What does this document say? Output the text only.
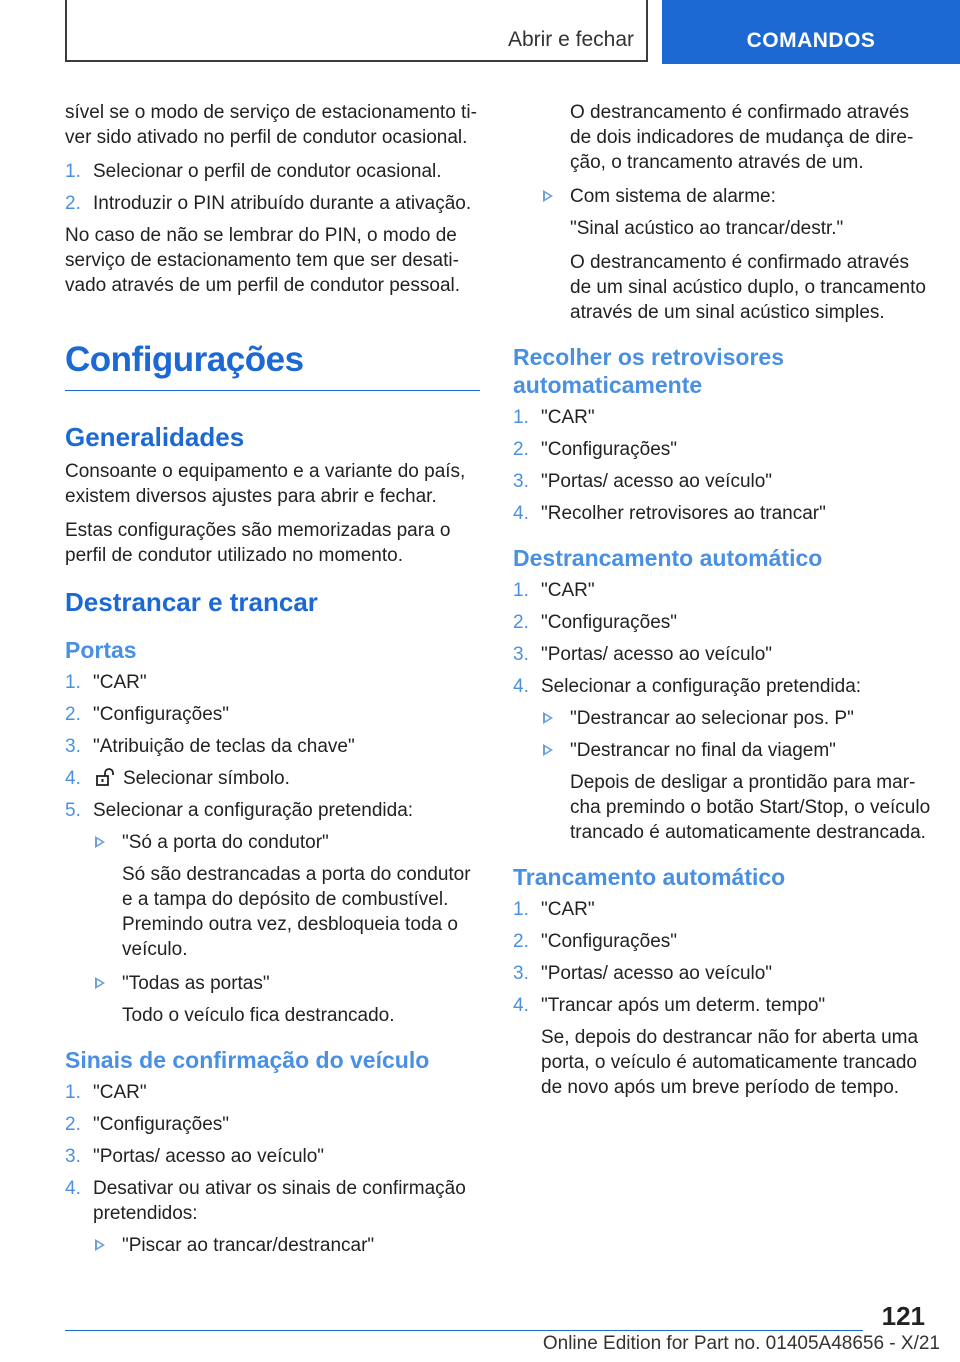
Abrir e fechar	COMANDOS

sível se o modo de serviço de estacionamento tiver sido ativado no perfil de condutor ocasional.

1. Selecionar o perfil de condutor ocasional.
2. Introduzir o PIN atribuído durante a ativação.

No caso de não se lembrar do PIN, o modo de serviço de estacionamento tem que ser desativado através de um perfil de condutor pessoal.

Configurações
Generalidades

Consoante o equipamento e a variante do país, existem diversos ajustes para abrir e fechar.

Estas configurações são memorizadas para o perfil de condutor utilizado no momento.

Destrancar e trancar
Portas
1. "CAR"
2. "Configurações"
3. "Atribuição de teclas da chave"
4. Selecionar símbolo.
5. Selecionar a configuração pretendida:
"Só a porta do condutor"

Só são destrancadas a porta do condutor e a tampa do depósito de combustível. Premindo outra vez, desbloqueia toda o veículo.

"Todas as portas"

Todo o veículo fica destrancado.

Sinais de confirmação do veículo
1. "CAR"
2. "Configurações"
3. "Portas/ acesso ao veículo"
4. Desativar ou ativar os sinais de confirmação pretendidos:
"Piscar ao trancar/destrancar"

O destrancamento é confirmado através de dois indicadores de mudança de direção, o trancamento através de um.

Com sistema de alarme:

"Sinal acústico ao trancar/destr."

O destrancamento é confirmado através de um sinal acústico duplo, o trancamento através de um sinal acústico simples.

Recolher os retrovisores automaticamente
1. "CAR"
2. "Configurações"
3. "Portas/ acesso ao veículo"
4. "Recolher retrovisores ao trancar"
Destrancamento automático
1. "CAR"
2. "Configurações"
3. "Portas/ acesso ao veículo"
4. Selecionar a configuração pretendida:
"Destrancar ao selecionar pos. P"
"Destrancar no final da viagem"

Depois de desligar a prontidão para marcha premindo o botão Start/Stop, o veículo trancado é automaticamente destrancada.

Trancamento automático
1. "CAR"
2. "Configurações"
3. "Portas/ acesso ao veículo"
4. "Trancar após um determ. tempo"

Se, depois do destrancar não for aberta uma porta, o veículo é automaticamente trancado de novo após um breve período de tempo.

121
Online Edition for Part no. 01405A48656 - X/21
